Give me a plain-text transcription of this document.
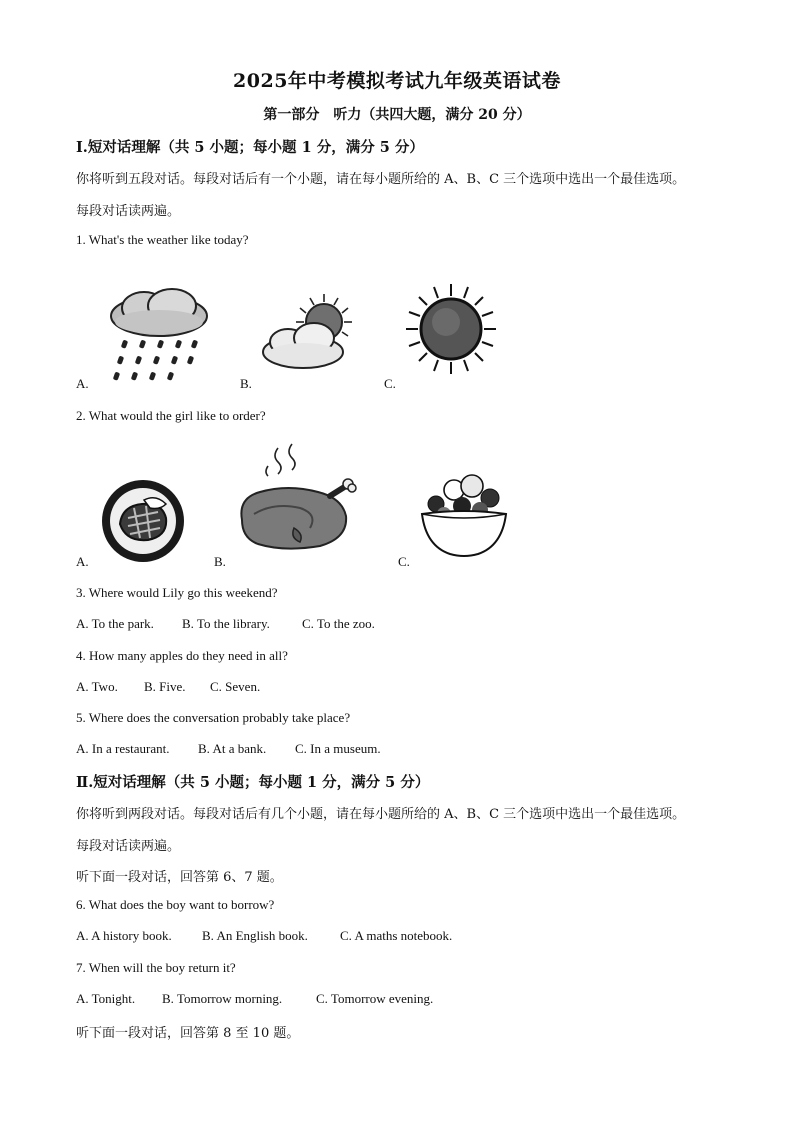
2025年中考模拟考试九年级英语试卷
第一部分　听力（共四大题，满分 20 分）
Ⅰ.短对话理解（共 5 小题；每小题 1 分，满分 5 分）
你将听到五段对话。每段对话后有一个小题，请在每小题所给的 A、B、C 三个选项中选出一个最佳选项。
每段对话读两遍。
1. What's the weather like today?
A.	B.	C.
2. What would the girl like to order?
A.	B.	C.
3. Where would Lily go this weekend?
A. To the park. B. To the library. C. To the zoo.
4. How many apples do they need in all?
A. Two. B. Five. C. Seven.
5. Where does the conversation probably take place?
A. In a restaurant. B. At a bank. C. In a museum.
Ⅱ.短对话理解（共 5 小题；每小题 1 分，满分 5 分）
你将听到两段对话。每段对话后有几个小题，请在每小题所给的 A、B、C 三个选项中选出一个最佳选项。
每段对话读两遍。
听下面一段对话，回答第 6、7 题。
6. What does the boy want to borrow?
A. A history book. B. An English book. C. A maths notebook.
7. When will the boy return it?
A. Tonight. B. Tomorrow morning.	C. Tomorrow evening.
听下面一段对话，回答第 8 至 10 题。
